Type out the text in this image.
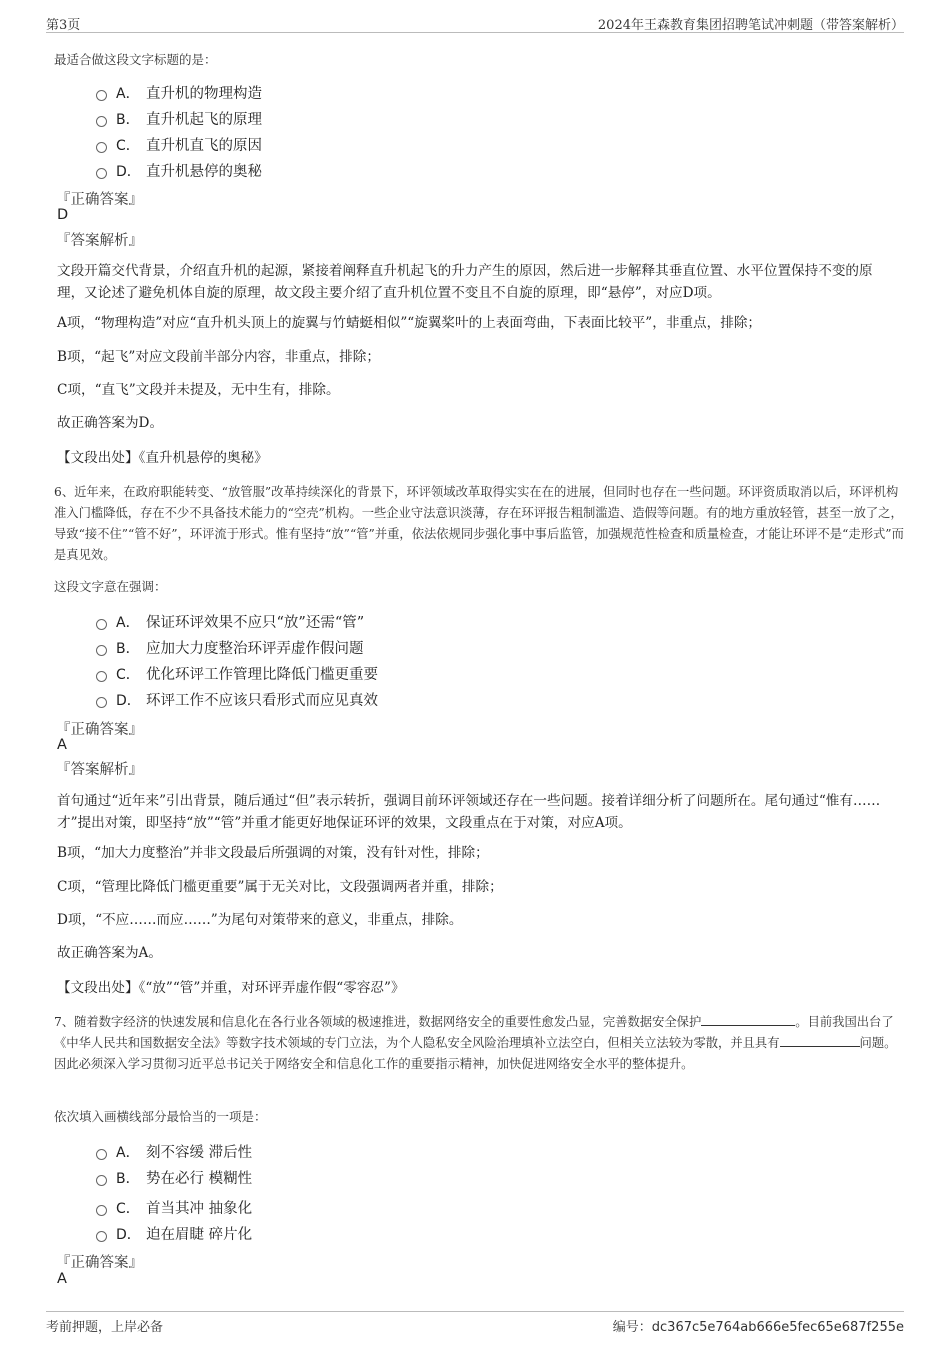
第3页	2024年王森教育集团招聘笔试冲刺题（带答案解析）
最适合做这段文字标题的是：
A． 直升机的物理构造
B． 直升机起飞的原理
C． 直升机直飞的原因
D． 直升机悬停的奥秘
『正确答案』
D
『答案解析』
文段开篇交代背景，介绍直升机的起源，紧接着阐释直升机起飞的升力产生的原因，然后进一步解释其垂直位置、水平位置保持不变的原理，又论述了避免机体自旋的原理，故文段主要介绍了直升机位置不变且不自旋的原理，即“悬停”，对应D项。
A项，“物理构造”对应“直升机头顶上的旋翼与竹蜻蜓相似”“旋翼桨叶的上表面弯曲，下表面比较平”，非重点，排除；
B项，“起飞”对应文段前半部分内容，非重点，排除；
C项，“直飞”文段并未提及，无中生有，排除。
故正确答案为D。
【文段出处】《直升机悬停的奥秘》
6、近年来，在政府职能转变、“放管服”改革持续深化的背景下，环评领域改革取得实实在在的进展，但同时也存在一些问题。环评资质取消以后，环评机构准入门槛降低，存在不少不具备技术能力的“空壳”机构。一些企业守法意识淡薄，存在环评报告粗制滥造、造假等问题。有的地方重放轻管，甚至一放了之，导致“接不住”“管不好”，环评流于形式。惟有坚持“放”“管”并重，依法依规同步强化事中事后监管，加强规范性检查和质量检查，才能让环评不是“走形式”而是真见效。
这段文字意在强调：
A． 保证环评效果不应只“放”还需“管”
B． 应加大力度整治环评弄虚作假问题
C． 优化环评工作管理比降低门槛更重要
D． 环评工作不应该只看形式而应见真效
『正确答案』
A
『答案解析』
首句通过“近年来”引出背景，随后通过“但”表示转折，强调目前环评领域还存在一些问题。接着详细分析了问题所在。尾句通过“惟有……才”提出对策，即坚持“放”“管”并重才能更好地保证环评的效果，文段重点在于对策，对应A项。
B项，“加大力度整治”并非文段最后所强调的对策，没有针对性，排除；
C项，“管理比降低门槛更重要”属于无关对比，文段强调两者并重，排除；
D项，“不应……而应……”为尾句对策带来的意义，非重点，排除。
故正确答案为A。
【文段出处】《“放”“管”并重，对环评弄虚作假“零容忍”》
7、随着数字经济的快速发展和信息化在各行业各领域的极速推进，数据网络安全的重要性愈发凸显，完善数据安全保护	。目前我国出台了《中华人民共和国数据安全法》等数字技术领域的专门立法，为个人隐私安全风险治理填补立法空白，但相关立法较为零散，并且具有	问题。因此必须深入学习贯彻习近平总书记关于网络安全和信息化工作的重要指示精神，加快促进网络安全水平的整体提升。
依次填入画横线部分最恰当的一项是：
A． 刻不容缓 滞后性
B． 势在必行 模糊性
C． 首当其冲 抽象化
D． 迫在眉睫 碎片化
『正确答案』
A
考前押题，上岸必备	编号：dc367c5e764ab666e5fec65e687f255e
